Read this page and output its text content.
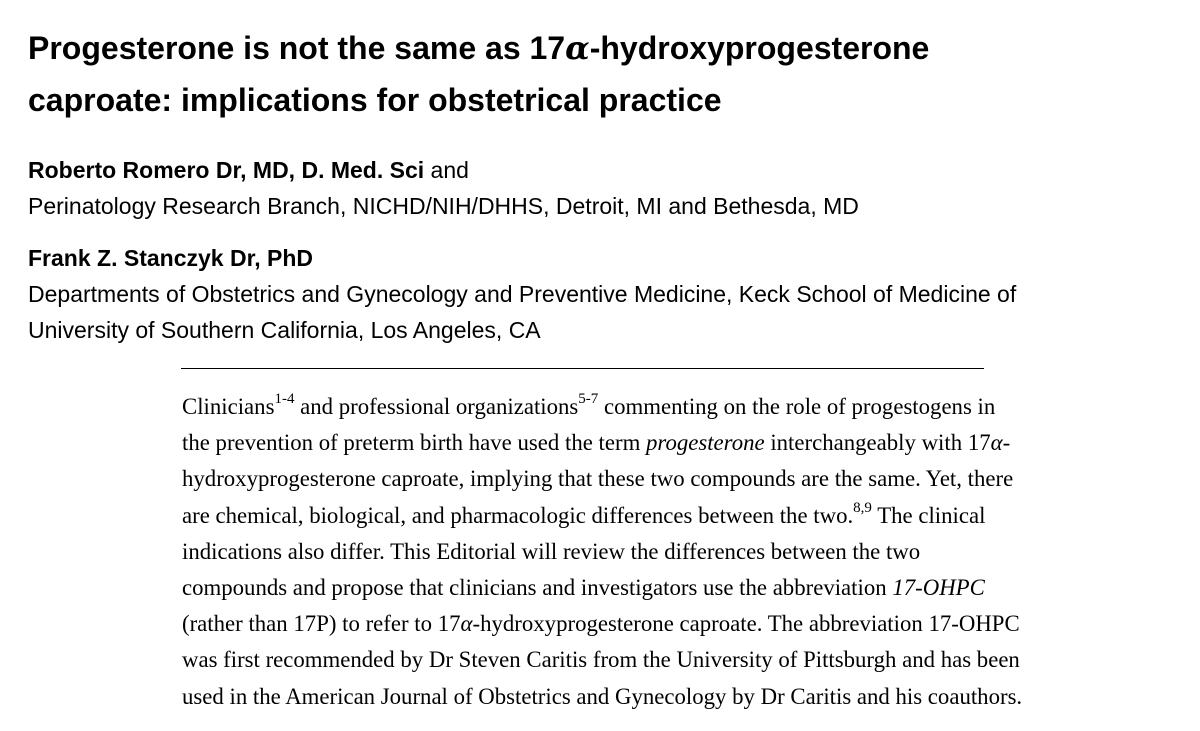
Progesterone is not the same as 17α-hydroxyprogesterone
caproate: implications for obstetrical practice
Roberto Romero Dr, MD, D. Med. Sci and
Perinatology Research Branch, NICHD/NIH/DHHS, Detroit, MI and Bethesda, MD
Frank Z. Stanczyk Dr, PhD
Departments of Obstetrics and Gynecology and Preventive Medicine, Keck School of Medicine of
University of Southern California, Los Angeles, CA

Clinicians$^{1-4}$ and professional organizations$^{5-7}$ commenting on the role of progestogens in
the prevention of preterm birth have used the term progesterone interchangeably with 17α-
hydroxyprogesterone caproate, implying that these two compounds are the same. Yet, there
are chemical, biological, and pharmacologic differences between the two.$^{8,9}$ The clinical
indications also differ. This Editorial will review the differences between the two
compounds and propose that clinicians and investigators use the abbreviation 17-OHPC
(rather than 17P) to refer to 17α-hydroxyprogesterone caproate. The abbreviation 17-OHPC
was first recommended by Dr Steven Caritis from the University of Pittsburgh and has been
used in the American Journal of Obstetrics and Gynecology by Dr Caritis and his coauthors.
